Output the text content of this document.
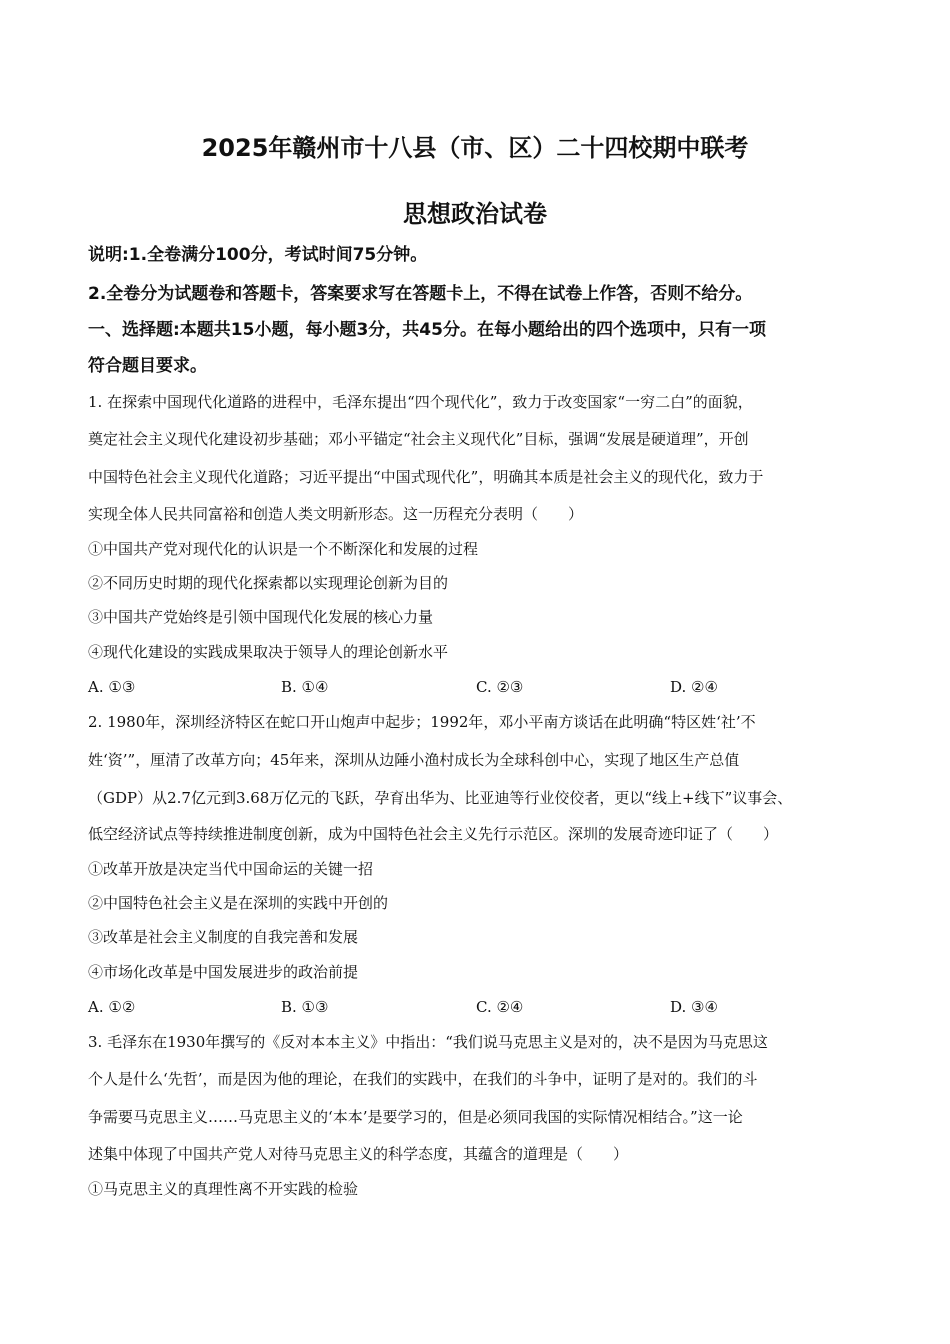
2025年赣州市十八县（市、区）二十四校期中联考
思想政治试卷
说明:1.全卷满分100分，考试时间75分钟。
2.全卷分为试题卷和答题卡，答案要求写在答题卡上，不得在试卷上作答，否则不给分。
一、选择题:本题共15小题，每小题3分，共45分。在每小题给出的四个选项中，只有一项
符合题目要求。
1. 在探索中国现代化道路的进程中，毛泽东提出“四个现代化”，致力于改变国家“一穷二白”的面貌，
奠定社会主义现代化建设初步基础；邓小平锚定“社会主义现代化”目标，强调“发展是硬道理”，开创
中国特色社会主义现代化道路；习近平提出“中国式现代化”，明确其本质是社会主义的现代化，致力于
实现全体人民共同富裕和创造人类文明新形态。这一历程充分表明（　　）
①中国共产党对现代化的认识是一个不断深化和发展的过程
②不同历史时期的现代化探索都以实现理论创新为目的
③中国共产党始终是引领中国现代化发展的核心力量
④现代化建设的实践成果取决于领导人的理论创新水平
A. ①③	B. ①④	C. ②③	D. ②④
2. 1980年，深圳经济特区在蛇口开山炮声中起步；1992年，邓小平南方谈话在此明确“特区姓‘社’不
姓‘资’”，厘清了改革方向；45年来，深圳从边陲小渔村成长为全球科创中心，实现了地区生产总值
（GDP）从2.7亿元到3.68万亿元的飞跃，孕育出华为、比亚迪等行业佼佼者，更以“线上+线下”议事会、
低空经济试点等持续推进制度创新，成为中国特色社会主义先行示范区。深圳的发展奇迹印证了（　　）
①改革开放是决定当代中国命运的关键一招
②中国特色社会主义是在深圳的实践中开创的
③改革是社会主义制度的自我完善和发展
④市场化改革是中国发展进步的政治前提
A. ①②	B. ①③	C. ②④	D. ③④
3. 毛泽东在1930年撰写的《反对本本主义》中指出：“我们说马克思主义是对的，决不是因为马克思这
个人是什么‘先哲’，而是因为他的理论，在我们的实践中，在我们的斗争中，证明了是对的。我们的斗
争需要马克思主义……马克思主义的‘本本’是要学习的，但是必须同我国的实际情况相结合。”这一论
述集中体现了中国共产党人对待马克思主义的科学态度，其蕴含的道理是（　　）
①马克思主义的真理性离不开实践的检验
